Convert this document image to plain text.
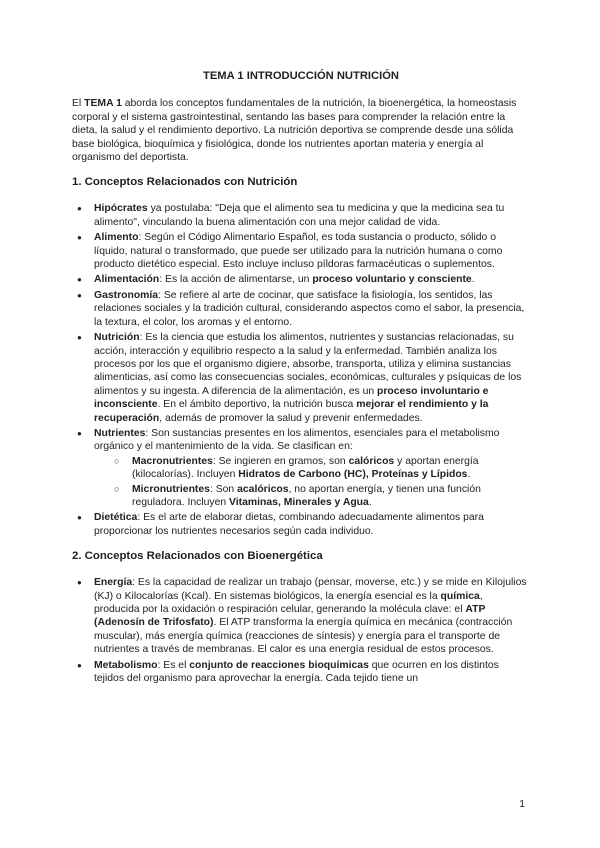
TEMA 1 INTRODUCCIÓN NUTRICIÓN

El TEMA 1 aborda los conceptos fundamentales de la nutrición, la bioenergética, la homeostasis corporal y el sistema gastrointestinal, sentando las bases para comprender la relación entre la dieta, la salud y el rendimiento deportivo. La nutrición deportiva se comprende desde una sólida base biológica, bioquímica y fisiológica, donde los nutrientes aportan materia y energía al organismo del deportista.

1. Conceptos Relacionados con Nutrición
● Hipócrates ya postulaba: "Deja que el alimento sea tu medicina y que la medicina sea tu alimento", vinculando la buena alimentación con una mejor calidad de vida.
● Alimento: Según el Código Alimentario Español, es toda sustancia o producto, sólido o líquido, natural o transformado, que puede ser utilizado para la nutrición humana o como producto dietético especial. Esto incluye incluso píldoras farmacéuticas o suplementos.
● Alimentación: Es la acción de alimentarse, un proceso voluntario y consciente.
● Gastronomía: Se refiere al arte de cocinar, que satisface la fisiología, los sentidos, las relaciones sociales y la tradición cultural, considerando aspectos como el sabor, la presencia, la textura, el color, los aromas y el entorno.
● Nutrición: Es la ciencia que estudia los alimentos, nutrientes y sustancias relacionadas, su acción, interacción y equilibrio respecto a la salud y la enfermedad. También analiza los procesos por los que el organismo digiere, absorbe, transporta, utiliza y elimina sustancias alimenticias, así como las consecuencias sociales, económicas, culturales y psíquicas de los alimentos y su ingesta. A diferencia de la alimentación, es un proceso involuntario e inconsciente. En el ámbito deportivo, la nutrición busca mejorar el rendimiento y la recuperación, además de promover la salud y prevenir enfermedades.
● Nutrientes: Son sustancias presentes en los alimentos, esenciales para el metabolismo orgánico y el mantenimiento de la vida. Se clasifican en:
○ Macronutrientes: Se ingieren en gramos, son calóricos y aportan energía (kilocalorías). Incluyen Hidratos de Carbono (HC), Proteínas y Lípidos.
○ Micronutrientes: Son acalóricos, no aportan energía, y tienen una función reguladora. Incluyen Vitaminas, Minerales y Agua.
● Dietética: Es el arte de elaborar dietas, combinando adecuadamente alimentos para proporcionar los nutrientes necesarios según cada individuo.
2. Conceptos Relacionados con Bioenergética
● Energía: Es la capacidad de realizar un trabajo (pensar, moverse, etc.) y se mide en Kilojulios (KJ) o Kilocalorías (Kcal). En sistemas biológicos, la energía esencial es la química, producida por la oxidación o respiración celular, generando la molécula clave: el ATP (Adenosín de Trifosfato). El ATP transforma la energía química en mecánica (contracción muscular), más energía química (reacciones de síntesis) y energía para el transporte de nutrientes a través de membranas. El calor es una energía residual de estos procesos.
● Metabolismo: Es el conjunto de reacciones bioquímicas que ocurren en los distintos tejidos del organismo para aprovechar la energía. Cada tejido tiene un
1
